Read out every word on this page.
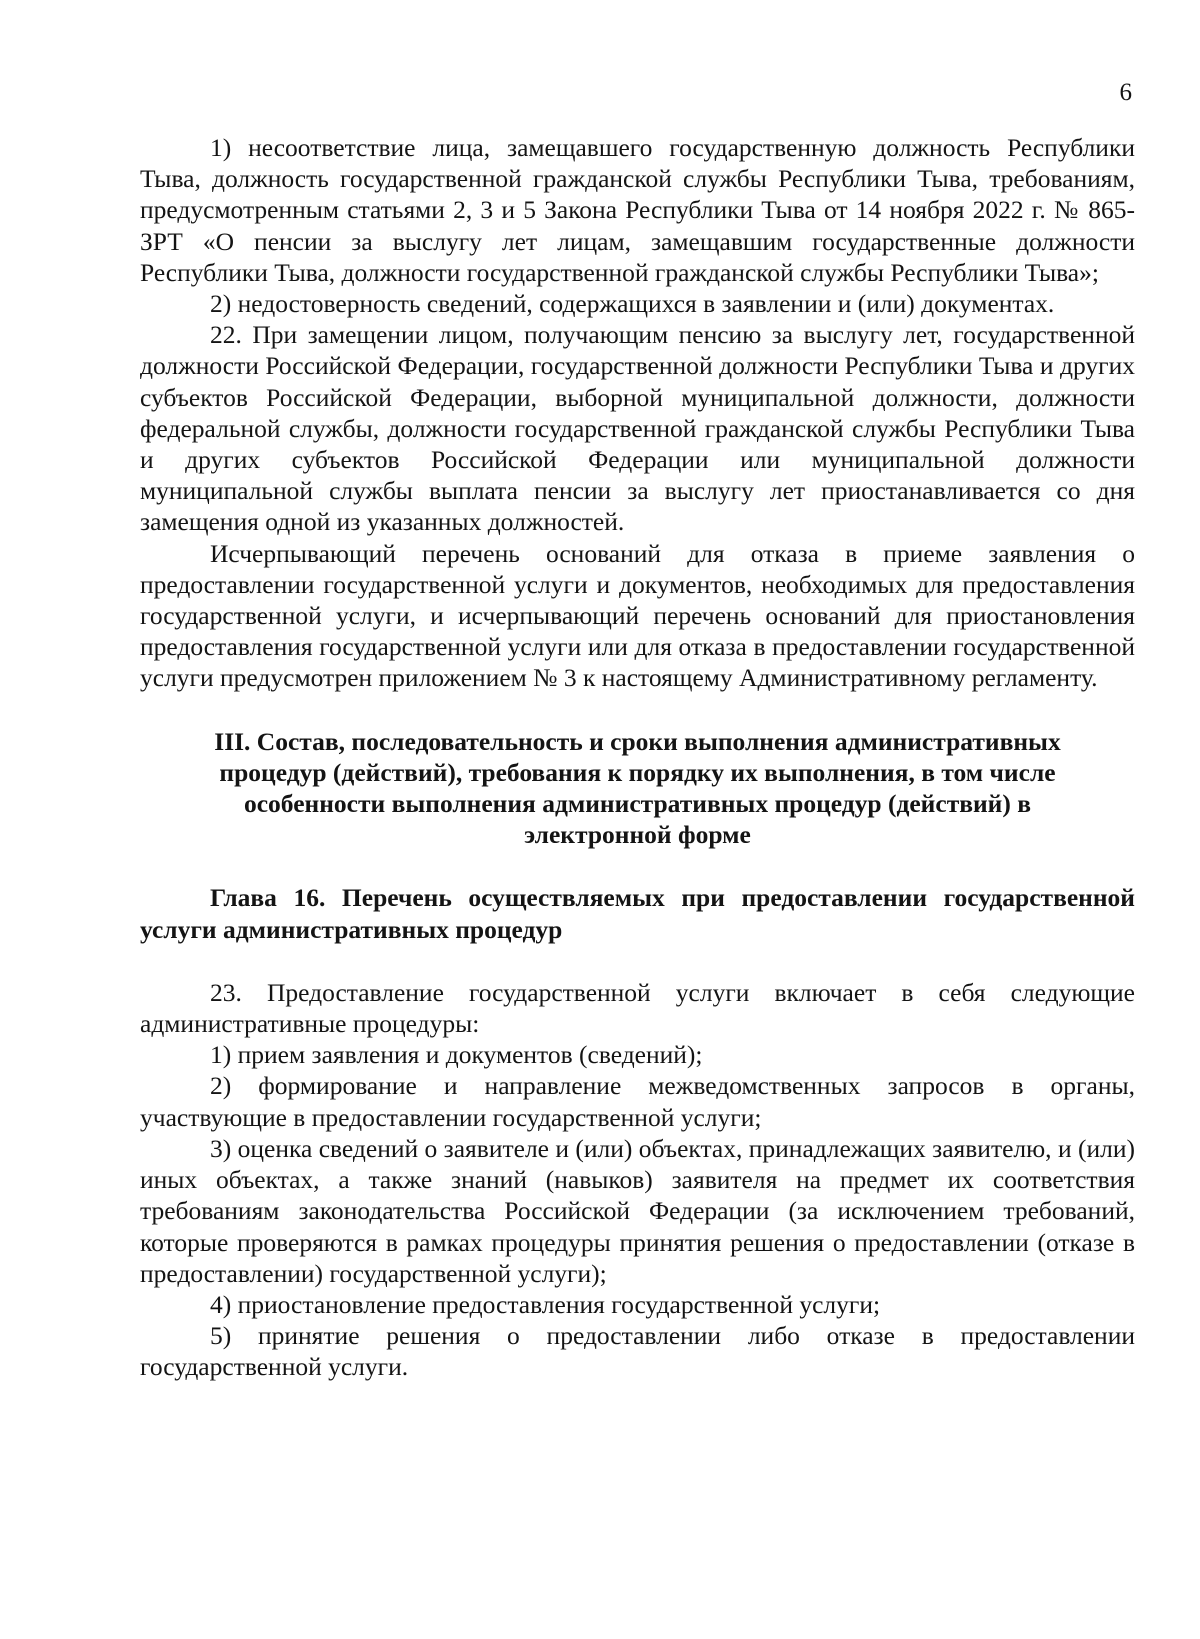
6

1) несоответствие лица, замещавшего государственную должность Республики Тыва, должность государственной гражданской службы Республики Тыва, требованиям, предусмотренным статьями 2, 3 и 5 Закона Республики Тыва от 14 ноября 2022 г. № 865-ЗРТ «О пенсии за выслугу лет лицам, замещавшим государственные должности Республики Тыва, должности государственной гражданской службы Республики Тыва»;

2) недостоверность сведений, содержащихся в заявлении и (или) документах.

22. При замещении лицом, получающим пенсию за выслугу лет, государственной должности Российской Федерации, государственной должности Республики Тыва и других субъектов Российской Федерации, выборной муниципальной должности, должности федеральной службы, должности государственной гражданской службы Республики Тыва и других субъектов Российской Федерации или муниципальной должности муниципальной службы выплата пенсии за выслугу лет приостанавливается со дня замещения одной из указанных должностей.

Исчерпывающий перечень оснований для отказа в приеме заявления о предоставлении государственной услуги и документов, необходимых для предоставления государственной услуги, и исчерпывающий перечень оснований для приостановления предоставления государственной услуги или для отказа в предоставлении государственной услуги предусмотрен приложением № 3 к настоящему Административному регламенту.

III. Состав, последовательность и сроки выполнения административных процедур (действий), требования к порядку их выполнения, в том числе особенности выполнения административных процедур (действий) в электронной форме
Глава 16. Перечень осуществляемых при предоставлении государственной услуги административных процедур

23. Предоставление государственной услуги включает в себя следующие административные процедуры:

1) прием заявления и документов (сведений);

2) формирование и направление межведомственных запросов в органы, участвующие в предоставлении государственной услуги;

3) оценка сведений о заявителе и (или) объектах, принадлежащих заявителю, и (или) иных объектах, а также знаний (навыков) заявителя на предмет их соответствия требованиям законодательства Российской Федерации (за исключением требований, которые проверяются в рамках процедуры принятия решения о предоставлении (отказе в предоставлении) государственной услуги);

4) приостановление предоставления государственной услуги;

5) принятие решения о предоставлении либо отказе в предоставлении государственной услуги.
